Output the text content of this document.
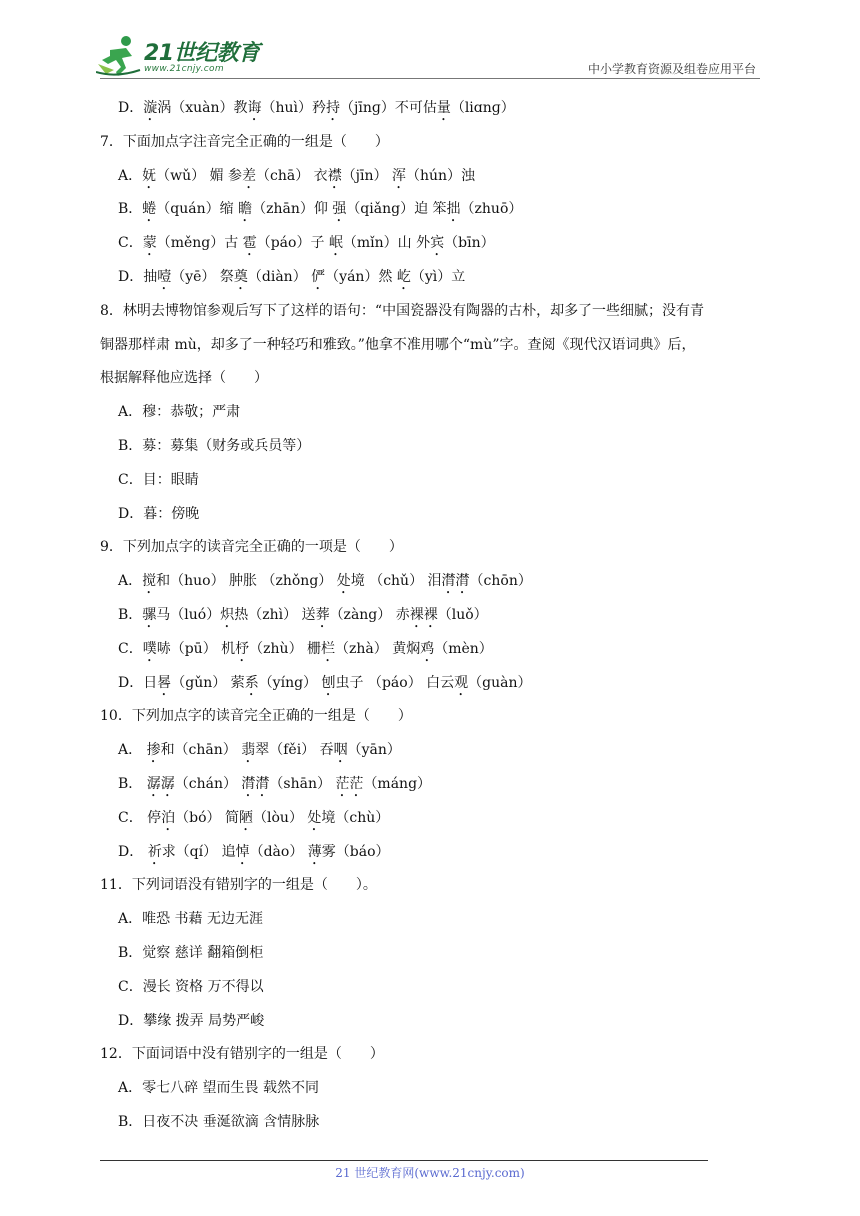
21世纪教育
www.21cnjy.com	中小学教育资源及组卷应用平台
D．漩涡（xuàn）教诲（huì）矜持（jīnɡ）不可估量（liɑnɡ）
7．下面加点字注音完全正确的一组是（　　）
A．妩（wǔ） 媚 参差（chā） 衣襟（jīn） 浑（hún）浊
B．蜷（quán）缩 瞻（zhān）仰 强（qiǎng）迫 笨拙（zhuō）
C．蒙（měng）古 雹（páo）子 岷（mǐn）山 外宾（bīn）
D．抽噎（yē） 祭奠（diàn） 俨（yán）然 屹（yì）立
8．林明去博物馆参观后写下了这样的语句：“中国瓷器没有陶器的古朴，却多了一些细腻；没有青
铜器那样肃 mù，却多了一种轻巧和雅致。”他拿不准用哪个“mù”字。查阅《现代汉语词典》后，
根据解释他应选择（　　）
A．穆：恭敬；严肃
B．募：募集（财务或兵员等）
C．目：眼睛
D．暮：傍晚
9．下列加点字的读音完全正确的一项是（　　）
A．搅和（huo） 肿胀 （zhǒng） 处境 （chǔ） 泪潸潸（chōn）
B．骡马（luó）炽热（zhì） 送葬（zàng） 赤裸裸（luǒ）
C．噗哧（pū） 机杼（zhù） 栅栏（zhà） 黄焖鸡（mèn）
D．日晷（gǔn） 萦系（yíng） 刨虫子 （páo） 白云观（guàn）
10．下列加点字的读音完全正确的一组是（　　）
A． 掺和（chān） 翡翠（fěi） 吞咽（yān）
B． 潺潺（chán） 潸潸（shān） 茫茫（máng）
C． 停泊（bó） 简陋（lòu） 处境（chù）
D． 祈求（qí） 追悼（dào） 薄雾（báo）
11．下列词语没有错别字的一组是（　　）。
A．唯恐 书藉 无边无涯
B．觉察 慈详 翻箱倒柜
C．漫长 资格 万不得以
D．攀缘 拨弄 局势严峻
12．下面词语中没有错别字的一组是（　　）
A．零七八碎 望而生畏 载然不同
B．日夜不决 垂涎欲滴 含情脉脉
21 世纪教育网(www.21cnjy.com)
